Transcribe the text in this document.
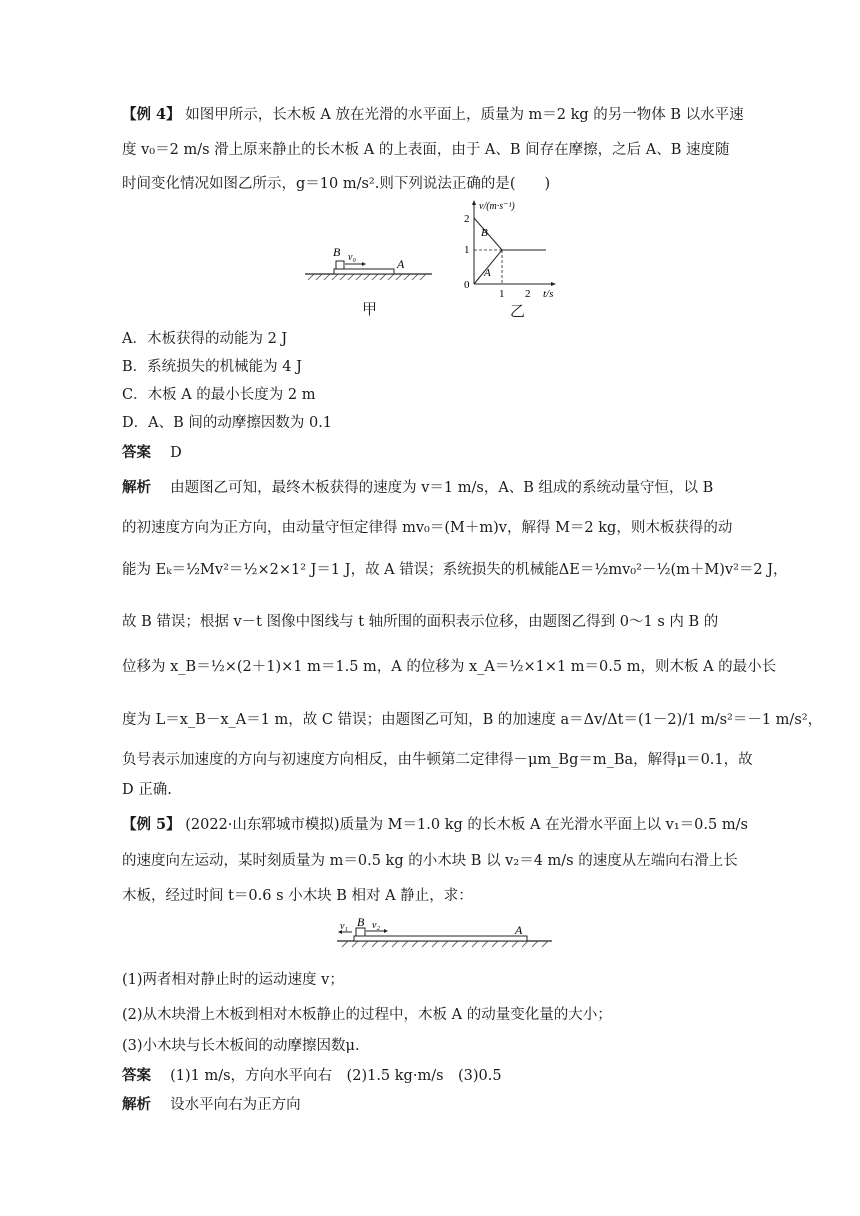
【例 4】 如图甲所示，长木板 A 放在光滑的水平面上，质量为 m＝2 kg 的另一物体 B 以水平速
度 v₀＝2 m/s 滑上原来静止的长木板 A 的上表面，由于 A、B 间存在摩擦，之后 A、B 速度随
时间变化情况如图乙所示，g＝10 m/s².则下列说法正确的是(　　)
B v₀	A
甲
v/(m·s⁻¹)
2
1
0
1 2 t/s
B
A
乙
A．木板获得的动能为 2 J
B．系统损失的机械能为 4 J
C．木板 A 的最小长度为 2 m
D．A、B 间的动摩擦因数为 0.1
答案　 D
解析　 由题图乙可知，最终木板获得的速度为 v＝1 m/s，A、B 组成的系统动量守恒，以 B
的初速度方向为正方向，由动量守恒定律得 mv₀＝(M＋m)v，解得 M＝2 kg，则木板获得的动
能为 Eₖ＝½Mv²＝½×2×1² J＝1 J，故 A 错误；系统损失的机械能ΔE＝½mv₀²－½(m＋M)v²＝2 J，
故 B 错误；根据 v－t 图像中图线与 t 轴所围的面积表示位移，由题图乙得到 0～1 s 内 B 的
位移为 x_B＝½×(2＋1)×1 m＝1.5 m，A 的位移为 x_A＝½×1×1 m＝0.5 m，则木板 A 的最小长
度为 L＝x_B－x_A＝1 m，故 C 错误；由题图乙可知，B 的加速度 a＝Δv/Δt＝(1－2)/1 m/s²＝－1 m/s²，
负号表示加速度的方向与初速度方向相反，由牛顿第二定律得－μm_Bg＝m_Ba，解得μ＝0.1，故
D 正确.
【例 5】 (2022·山东郓城市模拟)质量为 M＝1.0 kg 的长木板 A 在光滑水平面上以 v₁＝0.5 m/s
的速度向左运动，某时刻质量为 m＝0.5 kg 的小木块 B 以 v₂＝4 m/s 的速度从左端向右滑上长
木板，经过时间 t＝0.6 s 小木块 B 相对 A 静止，求：
v₁ B v₂	A
(1)两者相对静止时的运动速度 v；
(2)从木块滑上木板到相对木板静止的过程中，木板 A 的动量变化量的大小；
(3)小木块与长木板间的动摩擦因数μ.
答案　 (1)1 m/s，方向水平向右　(2)1.5 kg·m/s　(3)0.5
解析　 设水平向右为正方向
